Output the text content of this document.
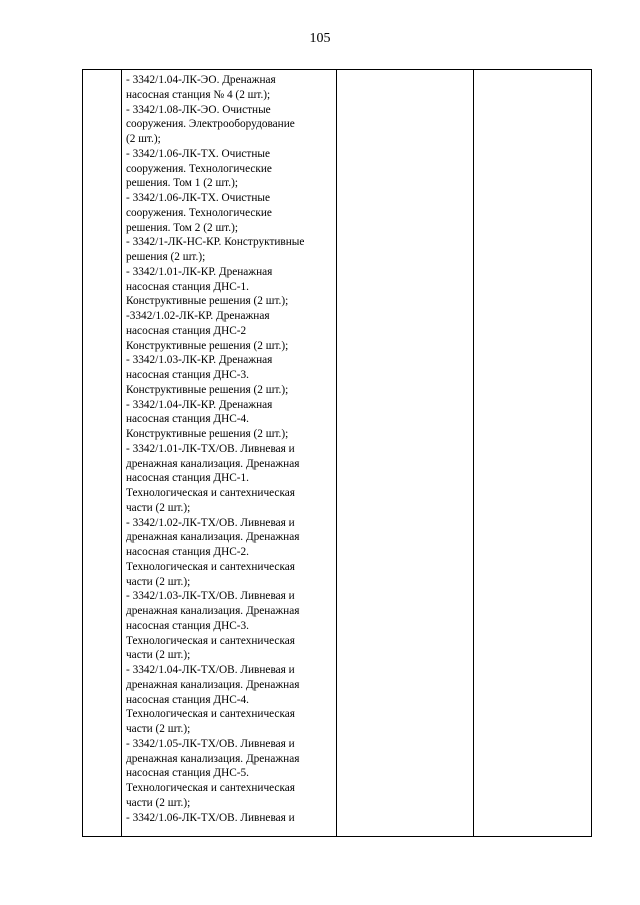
105

- 3342/1.04-ЛК-ЭО. Дренажная
насосная станция № 4 (2 шт.);
- 3342/1.08-ЛК-ЭО. Очистные
сооружения. Электрооборудование
(2 шт.);
- 3342/1.06-ЛК-ТХ. Очистные
сооружения. Технологические
решения. Том 1 (2 шт.);
- 3342/1.06-ЛК-ТХ. Очистные
сооружения. Технологические
решения. Том 2 (2 шт.);
- 3342/1-ЛК-НС-КР. Конструктивные
решения (2 шт.);
- 3342/1.01-ЛК-КР. Дренажная
насосная станция ДНС-1.
Конструктивные решения (2 шт.);
-3342/1.02-ЛК-КР. Дренажная
насосная станция ДНС-2
Конструктивные решения (2 шт.);
- 3342/1.03-ЛК-КР. Дренажная
насосная станция ДНС-3.
Конструктивные решения (2 шт.);
- 3342/1.04-ЛК-КР. Дренажная
насосная станция ДНС-4.
Конструктивные решения (2 шт.);
- 3342/1.01-ЛК-ТХ/ОВ. Ливневая и
дренажная канализация. Дренажная
насосная станция ДНС-1.
Технологическая и сантехническая
части (2 шт.);
- 3342/1.02-ЛК-ТХ/ОВ. Ливневая и
дренажная канализация. Дренажная
насосная станция ДНС-2.
Технологическая и сантехническая
части (2 шт.);
- 3342/1.03-ЛК-ТХ/ОВ. Ливневая и
дренажная канализация. Дренажная
насосная станция ДНС-3.
Технологическая и сантехническая
части (2 шт.);
- 3342/1.04-ЛК-ТХ/ОВ. Ливневая и
дренажная канализация. Дренажная
насосная станция ДНС-4.
Технологическая и сантехническая
части (2 шт.);
- 3342/1.05-ЛК-ТХ/ОВ. Ливневая и
дренажная канализация. Дренажная
насосная станция ДНС-5.
Технологическая и сантехническая
части (2 шт.);
- 3342/1.06-ЛК-ТХ/ОВ. Ливневая и
